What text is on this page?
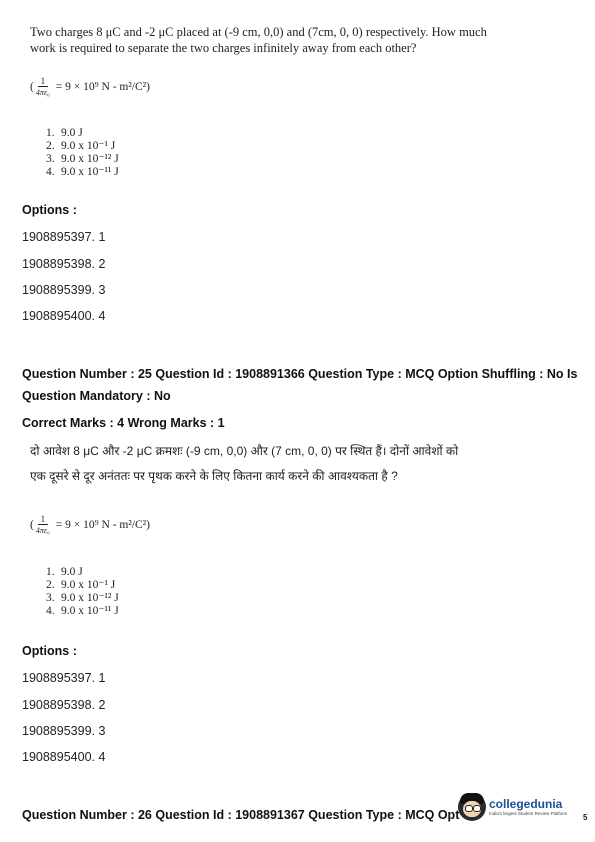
Two charges 8 μC and -2 μC placed at (-9 cm, 0,0) and (7cm, 0, 0) respectively. How much
work is required to separate the two charges infinitely away from each other?
( $\frac{1}{\text{4πε₀}} = 9 \times 10^9$ N - m²/C²)
1. 9.0 J
2. 9.0 x 10⁻¹ J
3. 9.0 x 10⁻¹² J
4. 9.0 x 10⁻¹¹ J
Options :
1908895397. 1
1908895398. 2
1908895399. 3
1908895400. 4
Question Number : 25 Question Id : 1908891366 Question Type : MCQ Option Shuffling : No Is
Question Mandatory : No
Correct Marks : 4 Wrong Marks : 1
दो आवेश 8 μC और -2 μC क्रमशः (-9 cm, 0,0) और (7 cm, 0, 0) पर स्थित हैं। दोनों आवेशों को
एक दूसरे से दूर अनंततः पर पृथक करने के लिए कितना कार्य करने की आवश्यकता है ?
( $\frac{1}{\text{4πε₀}} = 9 \times 10^9$ N - m²/C²)
1. 9.0 J
2. 9.0 x 10⁻¹ J
3. 9.0 x 10⁻¹² J
4. 9.0 x 10⁻¹¹ J
Options :
1908895397. 1
1908895398. 2
1908895399. 3
1908895400. 4
Question Number : 26 Question Id : 1908891367 Question Type : MCQ Opt
collegedunia
India's largest Student Review Platform 5
